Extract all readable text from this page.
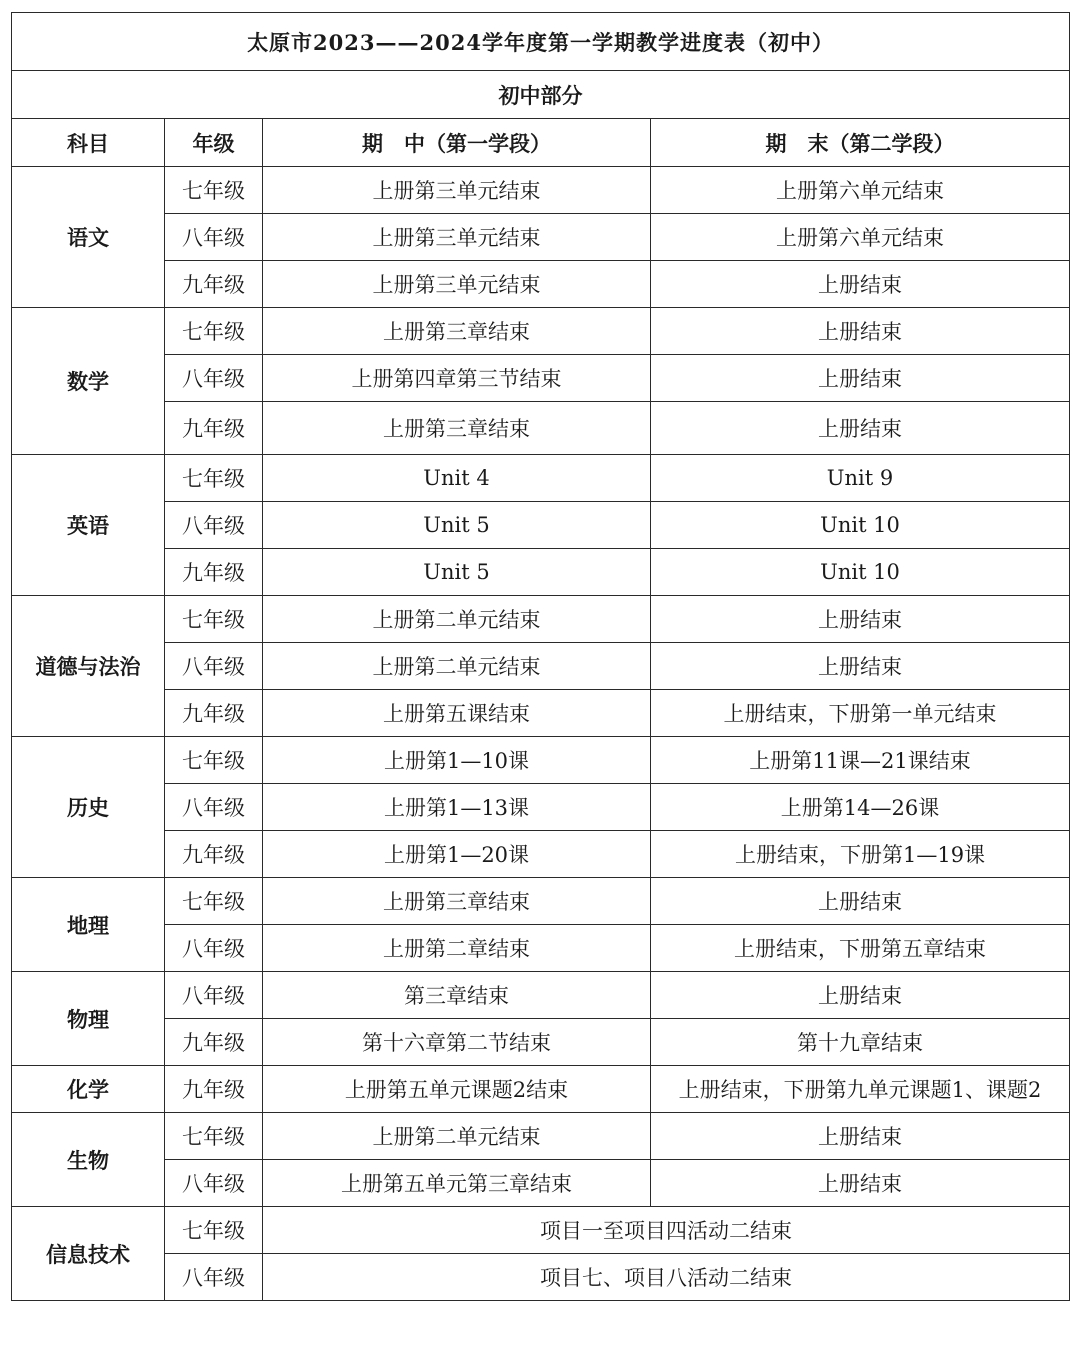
太原市2023——2024学年度第一学期教学进度表（初中）			
初中部分			
科目	年级	期　中（第一学段）	期　末（第二学段）
语文	七年级	上册第三单元结束	上册第六单元结束
	八年级	上册第三单元结束	上册第六单元结束
	九年级	上册第三单元结束	上册结束
数学	七年级	上册第三章结束	上册结束
	八年级	上册第四章第三节结束	上册结束
	九年级	上册第三章结束	上册结束
英语	七年级	Unit 4	Unit 9
	八年级	Unit 5	Unit 10
	九年级	Unit 5	Unit 10
道德与法治	七年级	上册第二单元结束	上册结束
	八年级	上册第二单元结束	上册结束
	九年级	上册第五课结束	上册结束，下册第一单元结束
历史	七年级	上册第1—10课	上册第11课—21课结束
	八年级	上册第1—13课	上册第14—26课
	九年级	上册第1—20课	上册结束，下册第1—19课
地理	七年级	上册第三章结束	上册结束
	八年级	上册第二章结束	上册结束，下册第五章结束
物理	八年级	第三章结束	上册结束
	九年级	第十六章第二节结束	第十九章结束
化学	九年级	上册第五单元课题2结束	上册结束，下册第九单元课题1、课题2
生物	七年级	上册第二单元结束	上册结束
	八年级	上册第五单元第三章结束	上册结束
信息技术	七年级	项目一至项目四活动二结束	
	八年级	项目七、项目八活动二结束	
